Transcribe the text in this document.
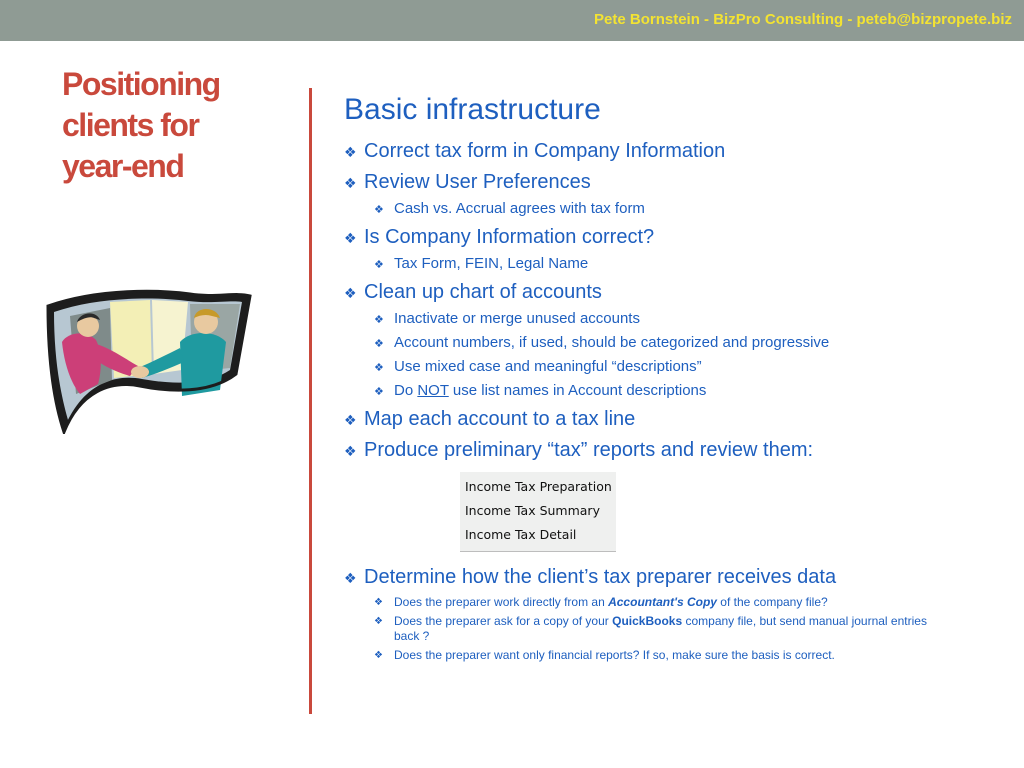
Pete Bornstein - BizPro Consulting - peteb@bizpropete.biz
Positioning
clients for
year-end
Basic infrastructure
❖ Correct tax form in Company Information
❖ Review User Preferences
❖ Cash vs. Accrual agrees with tax form
❖ Is Company Information correct?
❖ Tax Form, FEIN, Legal Name
❖ Clean up chart of accounts
❖ Inactivate or merge unused accounts
❖ Account numbers, if used, should be categorized and progressive
❖ Use mixed case and meaningful “descriptions”
❖ Do NOT use list names in Account descriptions
❖ Map each account to a tax line
❖ Produce preliminary “tax” reports and review them:
Income Tax Preparation
Income Tax Summary
Income Tax Detail
❖ Determine how the client’s tax preparer receives data
❖ Does the preparer work directly from an Accountant's Copy of the company file?
❖ Does the preparer ask for a copy of your QuickBooks company file, but send manual journal entries back ?
❖ Does the preparer want only financial reports? If so, make sure the basis is correct.
